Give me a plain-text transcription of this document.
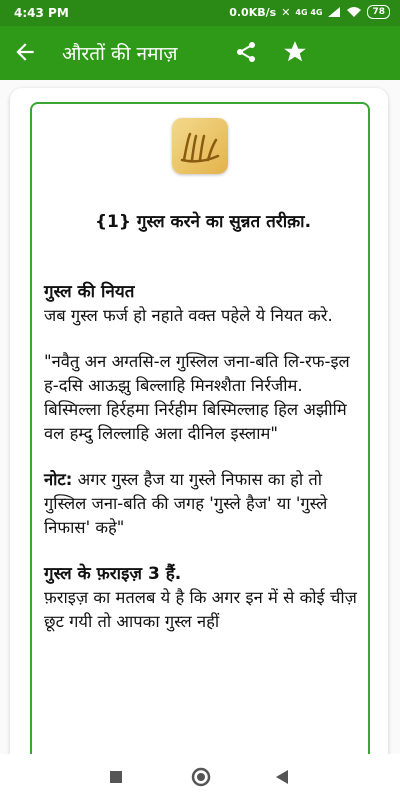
4:43 PM	0.0KB/s ✕ 4G 4G	78
औरतों की नमाज़

{1} गुस्ल करने का सुन्नत तरीक़ा.

गुस्ल की नियत

जब गुस्ल फर्ज हो नहाते वक्त पहेले ये नियत करे.

"नवैतु अन अग्तसि-ल गुस्लिल जना-बति लि-रफ-इल ह-दसि आऊझु बिल्लाहि मिनश्शैता निर्रजीम. बिस्मिल्ला हिर्रहमा निर्रहीम बिस्मिल्लाह हिल अझीमि वल हम्दु लिल्लाहि अला दीनिल इस्लाम"

नोट: अगर गुस्ल हैज या गुस्ले निफास का हो तो गुस्लिल जना-बति की जगह 'गुस्ले हैज' या 'गुस्ले निफास' कहे"

गुस्ल के फ़राइज़ 3 हैं.

फ़राइज़ का मतलब ये है कि अगर इन में से कोई चीज़ छूट गयी तो आपका गुस्ल नहीं
